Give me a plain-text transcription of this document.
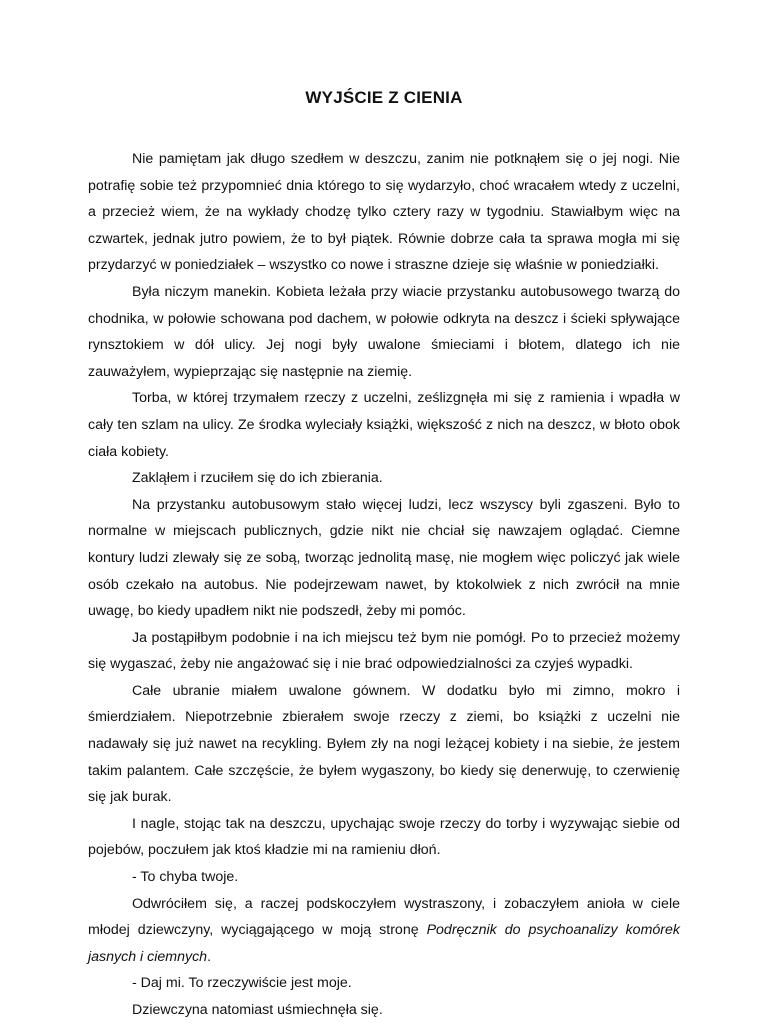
WYJŚCIE Z CIENIA

Nie pamiętam jak długo szedłem w deszczu, zanim nie potknąłem się o jej nogi. Nie potrafię sobie też przypomnieć dnia którego to się wydarzyło, choć wracałem wtedy z uczelni, a przecież wiem, że na wykłady chodzę tylko cztery razy w tygodniu. Stawiałbym więc na czwartek, jednak jutro powiem, że to był piątek. Równie dobrze cała ta sprawa mogła mi się przydarzyć w poniedziałek – wszystko co nowe i straszne dzieje się właśnie w poniedziałki.

Była niczym manekin. Kobieta leżała przy wiacie przystanku autobusowego twarzą do chodnika, w połowie schowana pod dachem, w połowie odkryta na deszcz i ścieki spływające rynsztokiem w dół ulicy. Jej nogi były uwalone śmieciami i błotem, dlatego ich nie zauważyłem, wypieprzając się następnie na ziemię.

Torba, w której trzymałem rzeczy z uczelni, ześlizgnęła mi się z ramienia i wpadła w cały ten szlam na ulicy. Ze środka wyleciały książki, większość z nich na deszcz, w błoto obok ciała kobiety.

Zakląłem i rzuciłem się do ich zbierania.

Na przystanku autobusowym stało więcej ludzi, lecz wszyscy byli zgaszeni. Było to normalne w miejscach publicznych, gdzie nikt nie chciał się nawzajem oglądać. Ciemne kontury ludzi zlewały się ze sobą, tworząc jednolitą masę, nie mogłem więc policzyć jak wiele osób czekało na autobus. Nie podejrzewam nawet, by ktokolwiek z nich zwrócił na mnie uwagę, bo kiedy upadłem nikt nie podszedł, żeby mi pomóc.

Ja postąpiłbym podobnie i na ich miejscu też bym nie pomógł. Po to przecież możemy się wygaszać, żeby nie angażować się i nie brać odpowiedzialności za czyjeś wypadki.

Całe ubranie miałem uwalone gównem. W dodatku było mi zimno, mokro i śmierdziałem. Niepotrzebnie zbierałem swoje rzeczy z ziemi, bo książki z uczelni nie nadawały się już nawet na recykling. Byłem zły na nogi leżącej kobiety i na siebie, że jestem takim palantem. Całe szczęście, że byłem wygaszony, bo kiedy się denerwuję, to czerwienię się jak burak.

I nagle, stojąc tak na deszczu, upychając swoje rzeczy do torby i wyzywając siebie od pojebów, poczułem jak ktoś kładzie mi na ramieniu dłoń.

- To chyba twoje.

Odwróciłem się, a raczej podskoczyłem wystraszony, i zobaczyłem anioła w ciele młodej dziewczyny, wyciągającego w moją stronę Podręcznik do psychoanalizy komórek jasnych i ciemnych.

- Daj mi. To rzeczywiście jest moje.

Dziewczyna natomiast uśmiechnęła się.
